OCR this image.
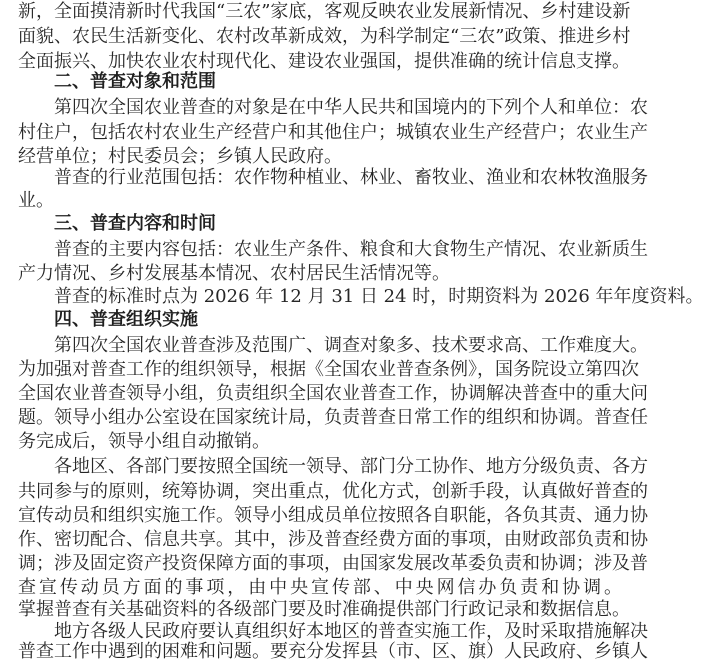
新，全面摸清新时代我国“三农”家底，客观反映农业发展新情况、乡村建设新
面貌、农民生活新变化、农村改革新成效，为科学制定“三农”政策、推进乡村
全面振兴、加快农业农村现代化、建设农业强国，提供准确的统计信息支撑。
二、普查对象和范围
第四次全国农业普查的对象是在中华人民共和国境内的下列个人和单位：农
村住户，包括农村农业生产经营户和其他住户；城镇农业生产经营户；农业生产
经营单位；村民委员会；乡镇人民政府。
普查的行业范围包括：农作物种植业、林业、畜牧业、渔业和农林牧渔服务
业。
三、普查内容和时间
普查的主要内容包括：农业生产条件、粮食和大食物生产情况、农业新质生
产力情况、乡村发展基本情况、农村居民生活情况等。
普查的标准时点为 2026 年 12 月 31 日 24 时，时期资料为 2026 年年度资料。
四、普查组织实施
第四次全国农业普查涉及范围广、调查对象多、技术要求高、工作难度大。
为加强对普查工作的组织领导，根据《全国农业普查条例》，国务院设立第四次
全国农业普查领导小组，负责组织全国农业普查工作，协调解决普查中的重大问
题。领导小组办公室设在国家统计局，负责普查日常工作的组织和协调。普查任
务完成后，领导小组自动撤销。
各地区、各部门要按照全国统一领导、部门分工协作、地方分级负责、各方
共同参与的原则，统筹协调，突出重点，优化方式，创新手段，认真做好普查的
宣传动员和组织实施工作。领导小组成员单位按照各自职能，各负其责、通力协
作、密切配合、信息共享。其中，涉及普查经费方面的事项，由财政部负责和协
调；涉及固定资产投资保障方面的事项，由国家发展改革委负责和协调；涉及普
查宣传动员方面的事项，由中央宣传部、中央网信办负责和协调。
掌握普查有关基础资料的各级部门要及时准确提供部门行政记录和数据信息。
地方各级人民政府要认真组织好本地区的普查实施工作，及时采取措施解决
普查工作中遇到的困难和问题。要充分发挥县（市、区、旗）人民政府、乡镇人
